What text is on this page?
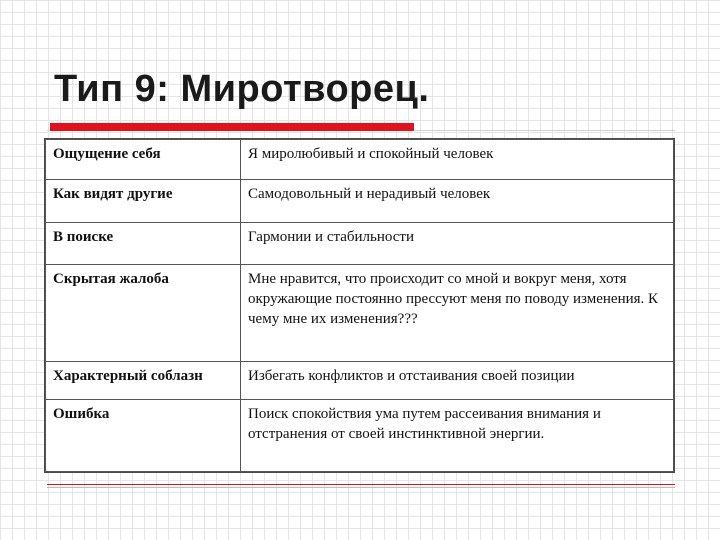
Тип 9: Миротворец.
Ощущение себя	Я миролюбивый и спокойный человек
Как видят другие	Самодовольный и нерадивый человек
В поиске	Гармонии и стабильности
Скрытая жалоба	Мне нравится, что происходит со мной и вокруг меня, хотя окружающие постоянно прессуют меня по поводу изменения. К чему мне их изменения???
Характерный соблазн	Избегать конфликтов и отстаивания своей позиции
Ошибка	Поиск спокойствия ума путем рассеивания внимания и отстранения от своей инстинктивной энергии.
